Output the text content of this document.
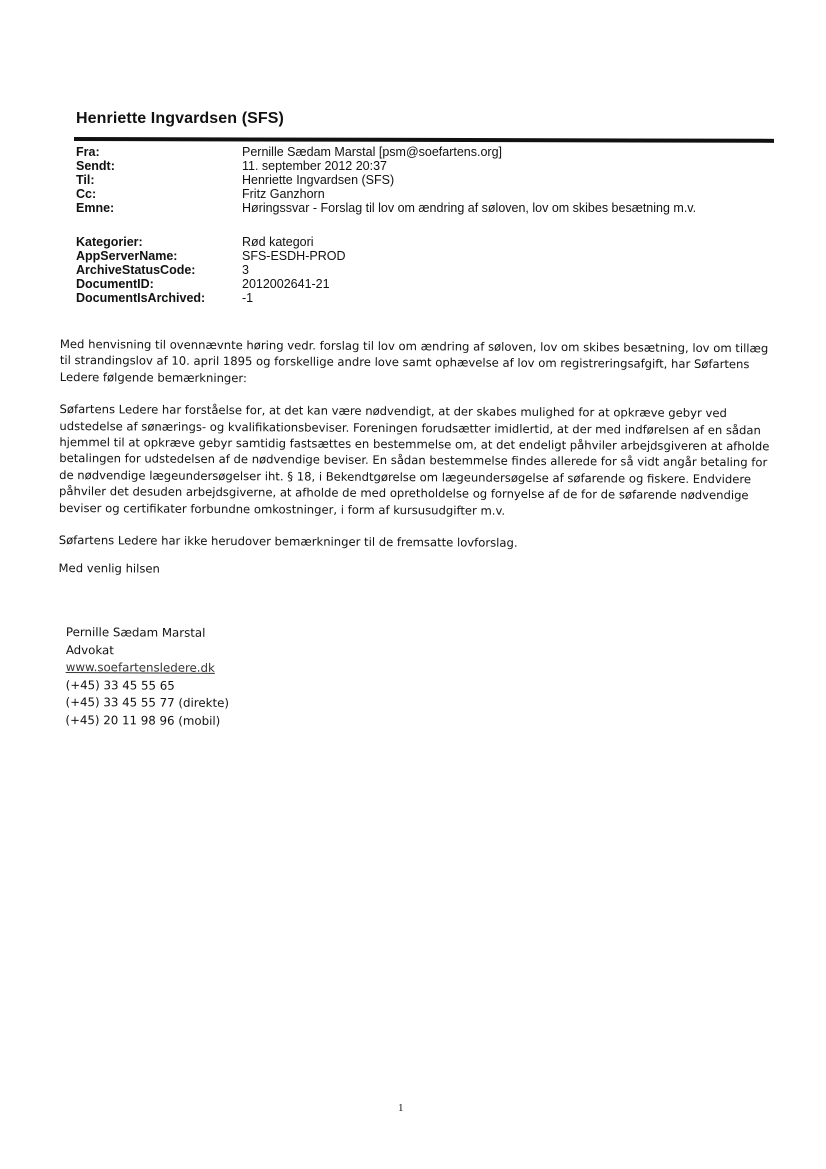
Henriette Ingvardsen (SFS)
Fra:	Pernille Sædam Marstal [psm@soefartens.org]
Sendt:	11. september 2012 20:37
Til:	Henriette Ingvardsen (SFS)
Cc:	Fritz Ganzhorn
Emne:	Høringssvar - Forslag til lov om ændring af søloven, lov om skibes besætning m.v.
Kategorier:	Rød kategori
AppServerName:	SFS-ESDH-PROD
ArchiveStatusCode:	3
DocumentID:	2012002641-21
DocumentIsArchived:	-1

Med henvisning til ovennævnte høring vedr. forslag til lov om ændring af søloven, lov om skibes besætning, lov om tillæg til strandingslov af 10. april 1895 og forskellige andre love samt ophævelse af lov om registreringsafgift, har Søfartens Ledere følgende bemærkninger:

Søfartens Ledere har forståelse for, at det kan være nødvendigt, at der skabes mulighed for at opkræve gebyr ved udstedelse af sønærings- og kvalifikationsbeviser. Foreningen forudsætter imidlertid, at der med indførelsen af en sådan hjemmel til at opkræve gebyr samtidig fastsættes en bestemmelse om, at det endeligt påhviler arbejdsgiveren at afholde betalingen for udstedelsen af de nødvendige beviser. En sådan bestemmelse findes allerede for så vidt angår betaling for de nødvendige lægeundersøgelser iht. § 18, i Bekendtgørelse om lægeundersøgelse af søfarende og fiskere. Endvidere påhviler det desuden arbejdsgiverne, at afholde de med opretholdelse og fornyelse af de for de søfarende nødvendige beviser og certifikater forbundne omkostninger, i form af kursusudgifter m.v.

Søfartens Ledere har ikke herudover bemærkninger til de fremsatte lovforslag.

Med venlig hilsen

Pernille Sædam Marstal
Advokat
www.soefartensledere.dk
(+45) 33 45 55 65
(+45) 33 45 55 77 (direkte)
(+45) 20 11 98 96 (mobil)
1
